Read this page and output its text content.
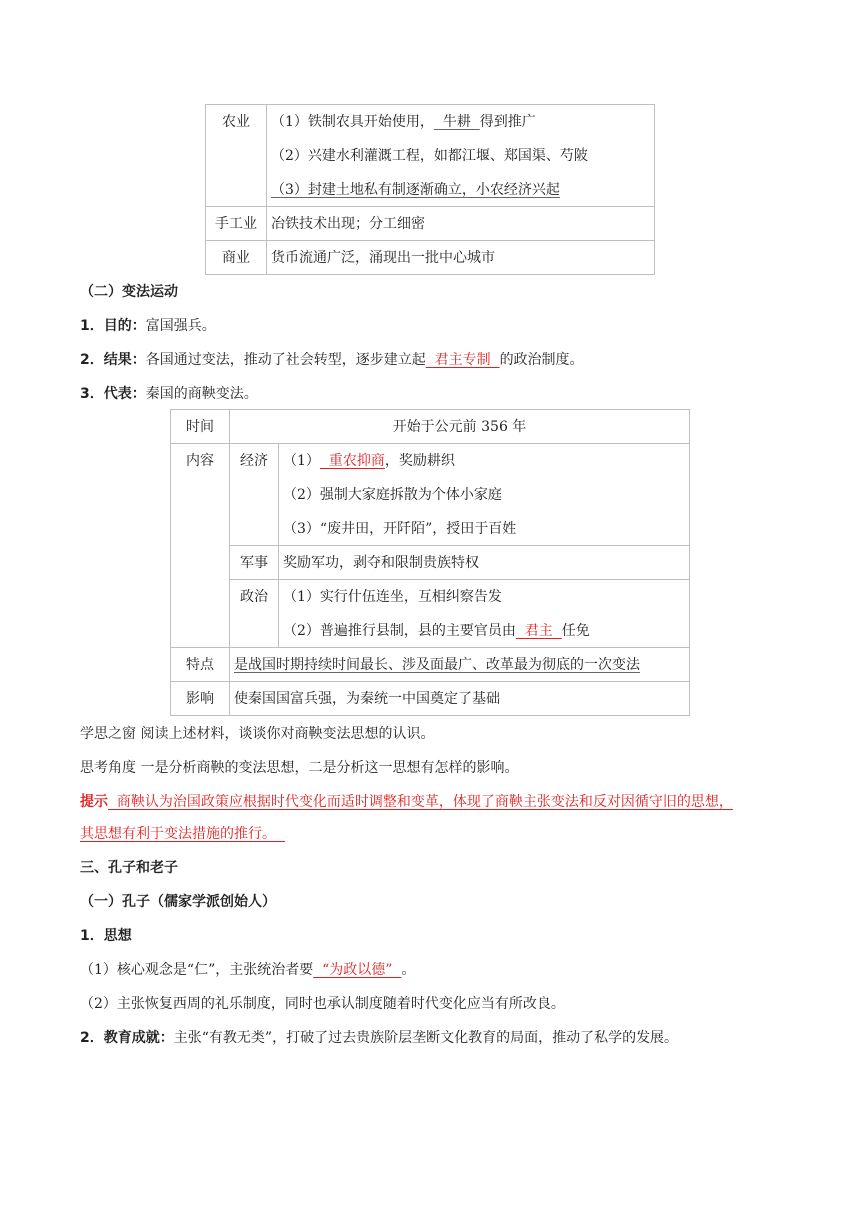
农业	（1）铁制农具开始使用，  牛耕  得到推广
（2）兴建水利灌溉工程，如都江堰、郑国渠、芍陂
（3）封建土地私有制逐渐确立，小农经济兴起

手工业	冶铁技术出现；分工细密
商业	货币流通广泛，涌现出一批中心城市
（二）变法运动
1．目的：富国强兵。
2．结果：各国通过变法，推动了社会转型，逐步建立起  君主专制  的政治制度。
3．代表：秦国的商鞅变法。
时间	开始于公元前 356 年	
内容	经济	（1）  重农抑商，奖励耕织
（2）强制大家庭拆散为个体小家庭
（3）“废井田，开阡陌”，授田于百姓

	军事	奖励军功，剥夺和限制贵族特权
	政治	（1）实行什伍连坐，互相纠察告发
（2）普遍推行县制，县的主要官员由  君主  任免

特点	是战国时期持续时间最长、涉及面最广、改革最为彻底的一次变法	
影响	使秦国国富兵强，为秦统一中国奠定了基础	
学思之窗 阅读上述材料，谈谈你对商鞅变法思想的认识。
思考角度 一是分析商鞅的变法思想，二是分析这一思想有怎样的影响。
提示  商鞅认为治国政策应根据时代变化而适时调整和变革，体现了商鞅主张变法和反对因循守旧的思想，
其思想有利于变法措施的推行。
三、孔子和老子
（一）孔子（儒家学派创始人）
1．思想
（1）核心观念是“仁”，主张统治者要  “为政以德”  。
（2）主张恢复西周的礼乐制度，同时也承认制度随着时代变化应当有所改良。
2．教育成就：主张“有教无类”，打破了过去贵族阶层垄断文化教育的局面，推动了私学的发展。
